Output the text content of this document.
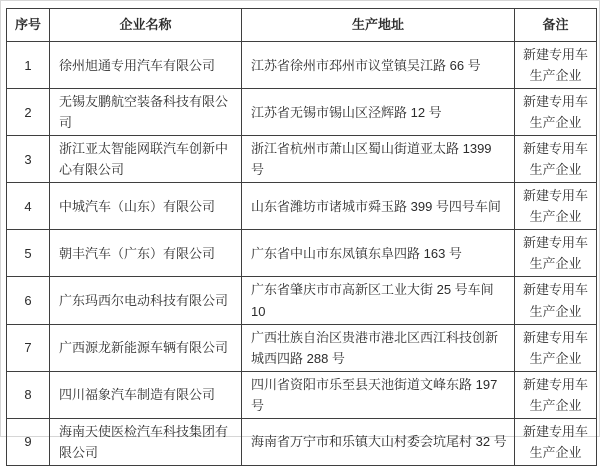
序号	企业名称	生产地址	备注
1	徐州旭通专用汽车有限公司	江苏省徐州市邳州市议堂镇吴江路 66 号	新建专用车生产企业
2	无锡友鹏航空装备科技有限公司	江苏省无锡市锡山区泾辉路 12 号	新建专用车生产企业
3	浙江亚太智能网联汽车创新中心有限公司	浙江省杭州市萧山区蜀山街道亚太路 1399 号	新建专用车生产企业
4	中城汽车（山东）有限公司	山东省潍坊市诸城市舜玉路 399 号四号车间	新建专用车生产企业
5	朝丰汽车（广东）有限公司	广东省中山市东凤镇东阜四路 163 号	新建专用车生产企业
6	广东玛西尔电动科技有限公司	广东省肇庆市市高新区工业大街 25 号车间 10	新建专用车生产企业
7	广西源龙新能源车辆有限公司	广西壮族自治区贵港市港北区西江科技创新城西四路 288 号	新建专用车生产企业
8	四川福象汽车制造有限公司	四川省资阳市乐至县天池街道文峰东路 197 号	新建专用车生产企业
9	海南天使医检汽车科技集团有限公司	海南省万宁市和乐镇大山村委会坑尾村 32 号	新建专用车生产企业
